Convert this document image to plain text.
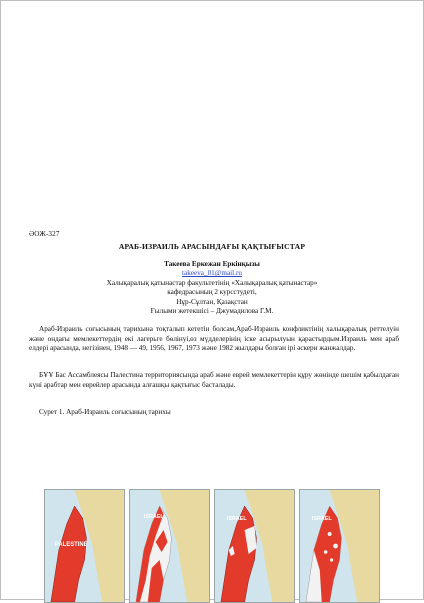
ӘОЖ-327
АРАБ-ИЗРАИЛЬ АРАСЫНДАҒЫ ҚАҚТЫҒЫСТАР
Такеева Еркежан Еркінқызы
takeeva_01@mail.ru
Халықаралық қатынастар факультетінің «Халықаралық қатынастар»
кафедрасының 2 курсстудеті,
Нұр-Сұлтан, Қазақстан
Ғылыми жетекшісі – Джумадилова Г.М.
Араб-Израиль соғысының тарихына тоқталып кететін болсам,Араб-Израиль конфликтінің халықаралық реттелуін және ондағы мемлекеттердің екі лагерьге бөлінуі,өз мүдделерінің іске асырылуын қарастырдым.Израиль мен араб елдері арасында, негізінен, 1948 — 49, 1956, 1967, 1973 және 1982 жылдары болған ірі әскери жанжалдар.
БҰҰ Бас Ассамблеясы Палестина территориясында араб және еврей мемлекеттерін құру жөнінде шешім қабылдаған күні арабтар мен еврейлер арасында алғашқы қақтығыс басталады.
Сурет 1. Араб-Израиль соғысының тарихы
PALESTINE
ISRAEL	ISRAEL	ISRAEL
